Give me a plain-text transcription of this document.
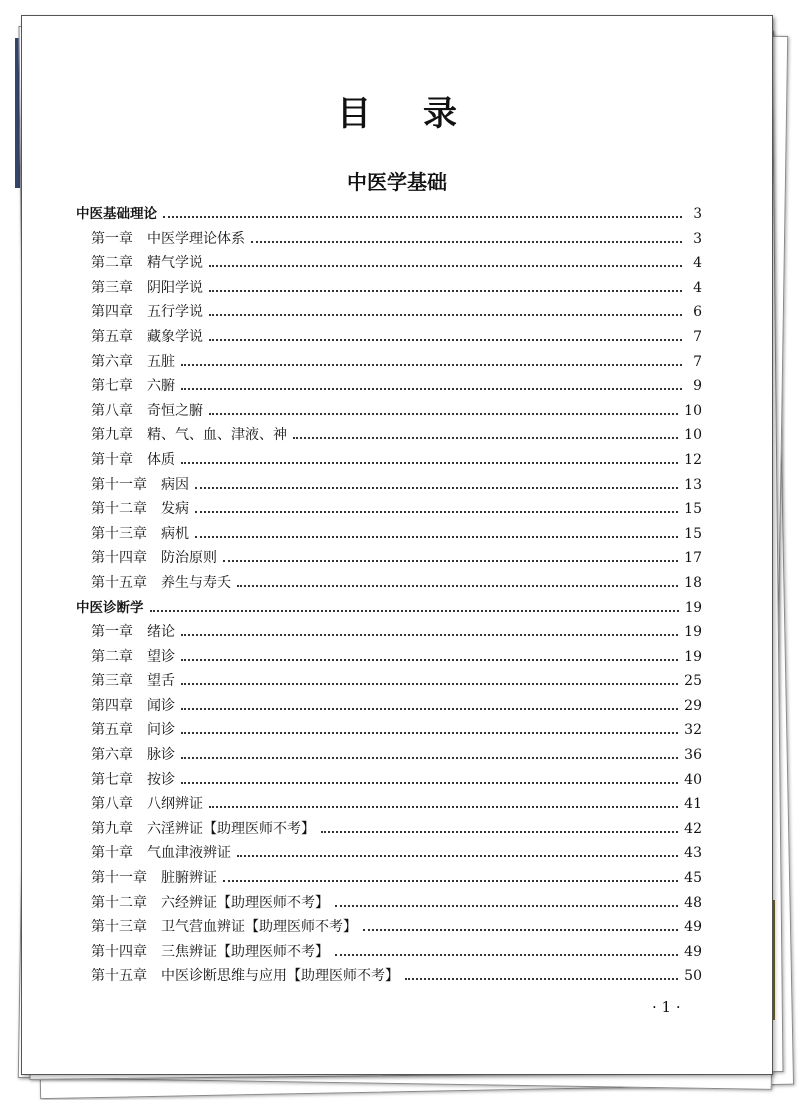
目录
中医学基础
中医基础理论	3
第一章 中医学理论体系	3
第二章 精气学说	4
第三章 阴阳学说	4
第四章 五行学说	6
第五章 藏象学说	7
第六章 五脏	7
第七章 六腑	9
第八章 奇恒之腑	10
第九章 精、气、血、津液、神	10
第十章 体质	12
第十一章 病因	13
第十二章 发病	15
第十三章 病机	15
第十四章 防治原则	17
第十五章 养生与寿夭	18
中医诊断学	19
第一章 绪论	19
第二章 望诊	19
第三章 望舌	25
第四章 闻诊	29
第五章 问诊	32
第六章 脉诊	36
第七章 按诊	40
第八章 八纲辨证	41
第九章 六淫辨证【助理医师不考】	42
第十章 气血津液辨证	43
第十一章 脏腑辨证	45
第十二章 六经辨证【助理医师不考】	48
第十三章 卫气营血辨证【助理医师不考】	49
第十四章 三焦辨证【助理医师不考】	49
第十五章 中医诊断思维与应用【助理医师不考】	50
· 1 ·
